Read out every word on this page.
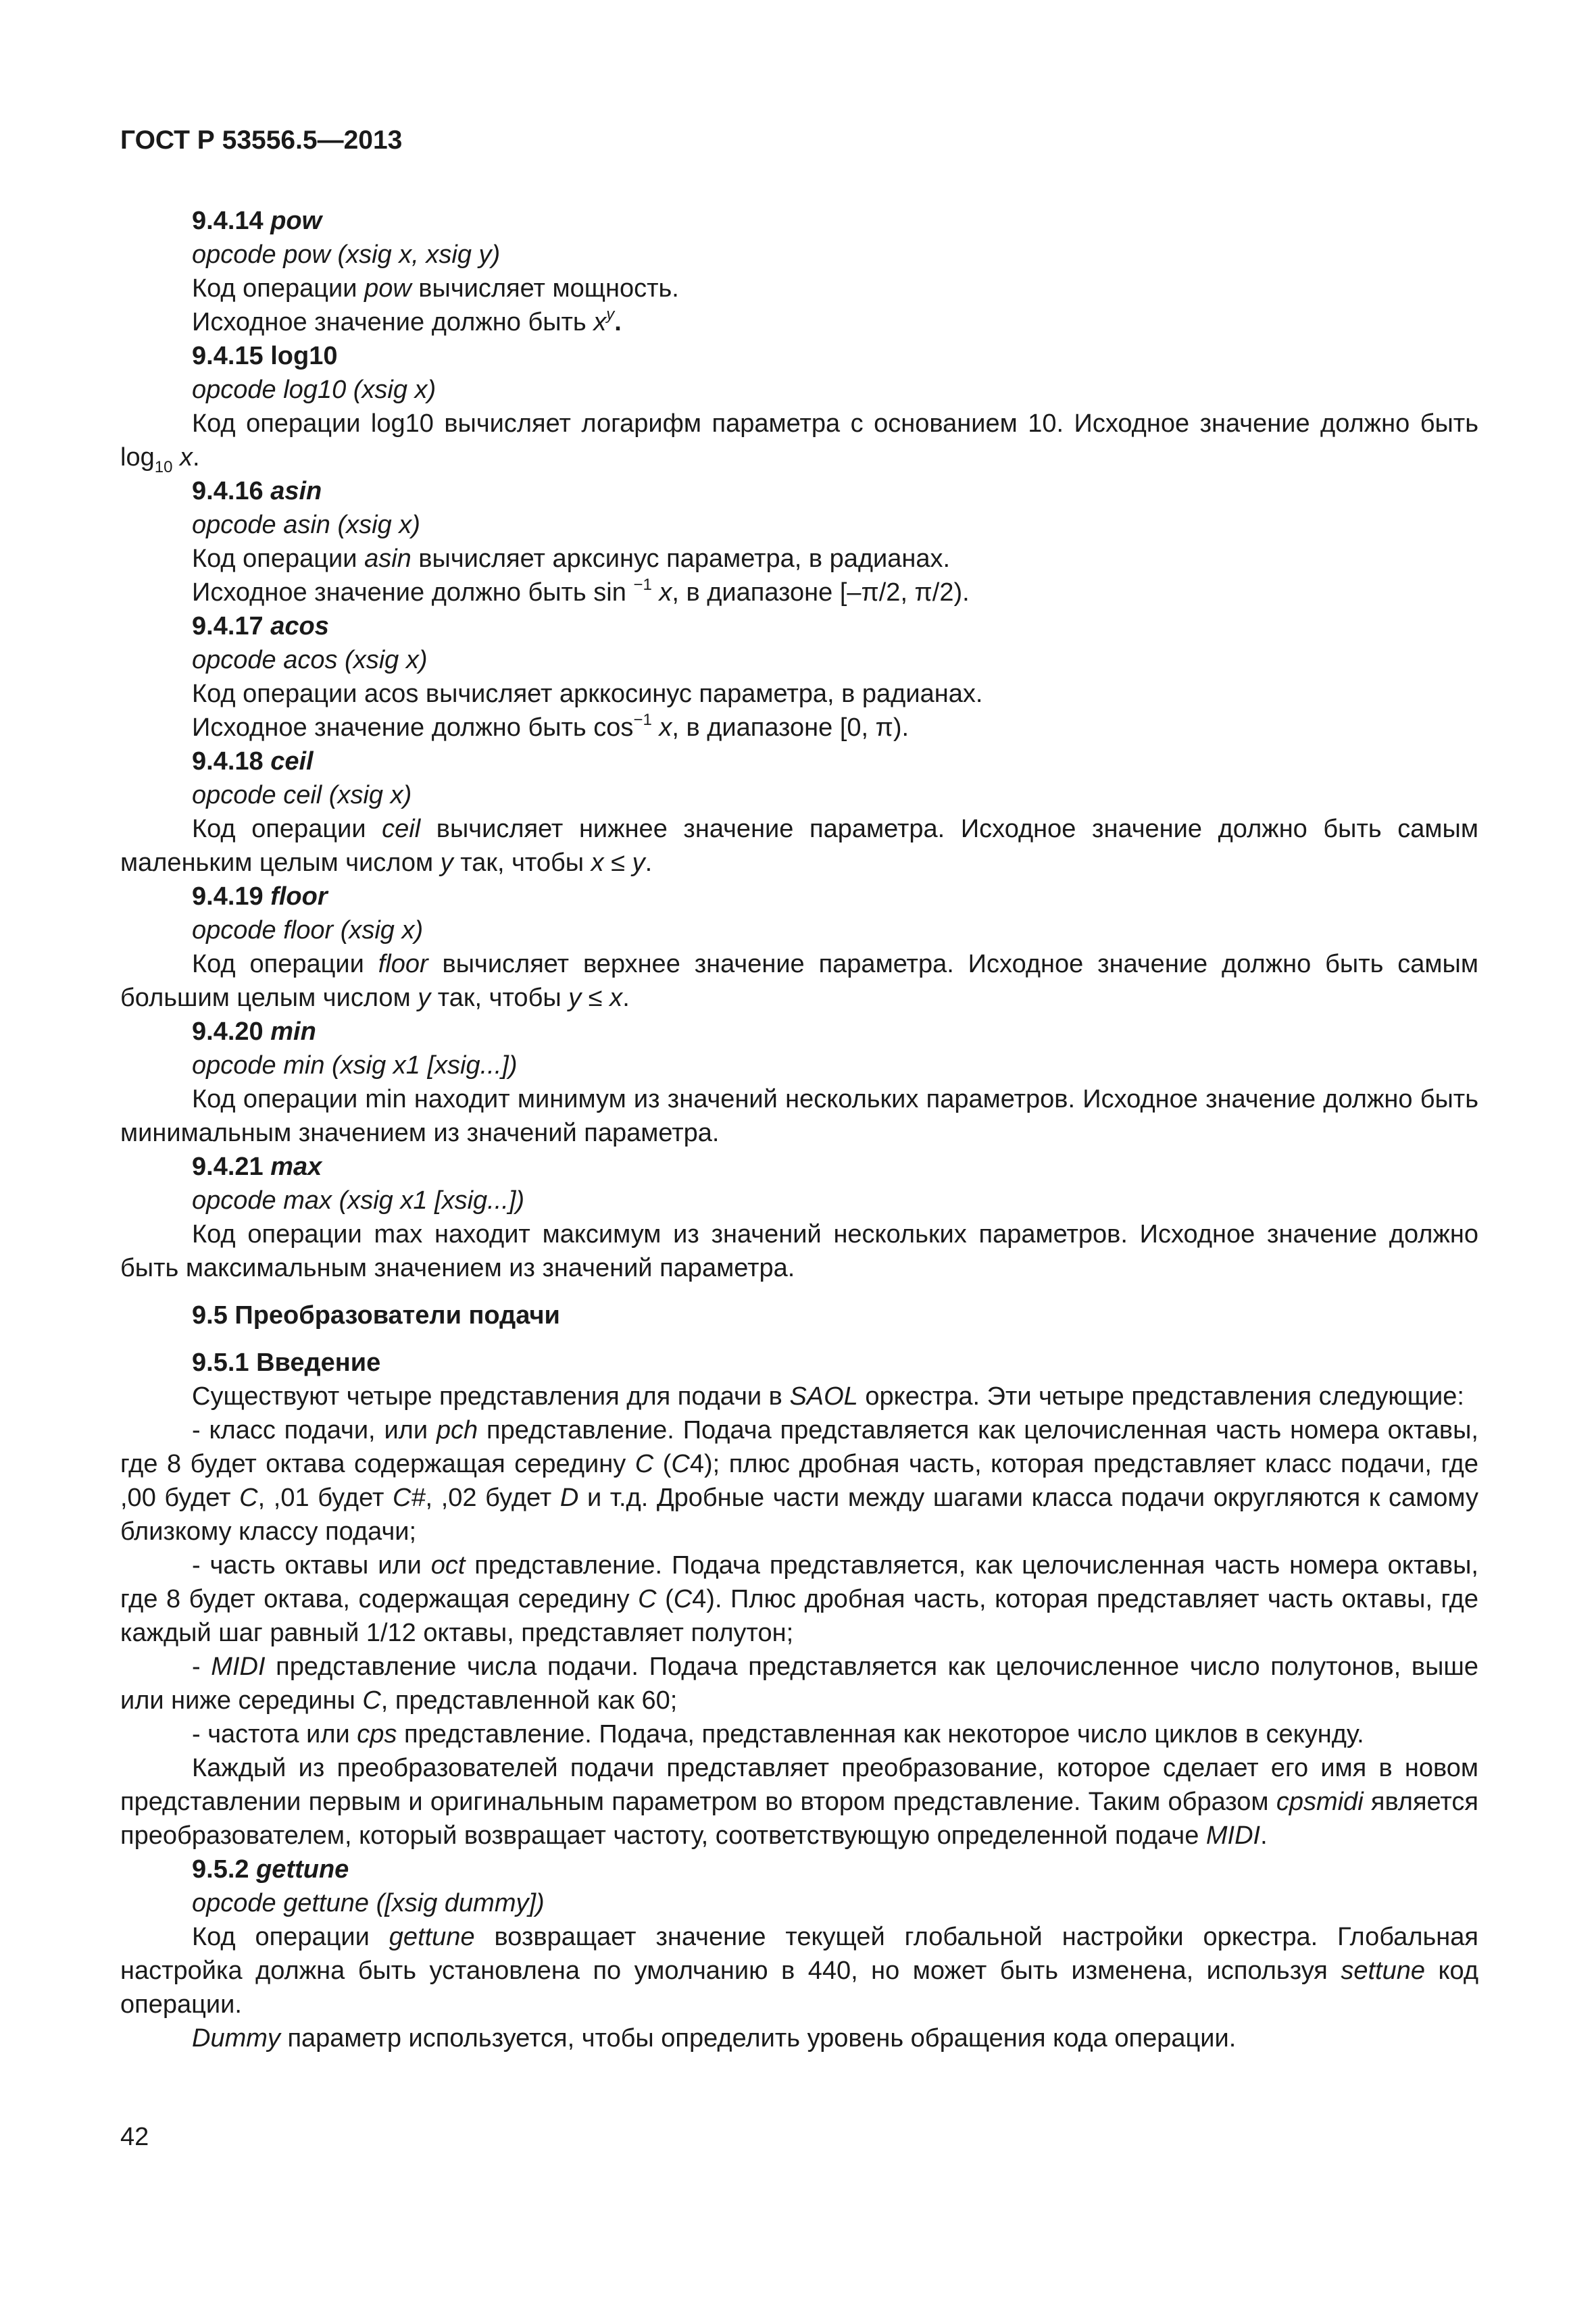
ГОСТ Р 53556.5—2013

9.4.14 pow

opcode pow (xsig x, xsig y)

Код операции pow вычисляет мощность.

Исходное значение должно быть $x^y$.

9.4.15 log10

opcode log10 (xsig x)

Код операции log10 вычисляет логарифм параметра с основанием 10. Исходное значение должно быть $\log_{10} x$.

9.4.16 asin

opcode asin (xsig x)

Код операции asin вычисляет арксинус параметра, в радианах.

Исходное значение должно быть sin $^{-1}$ x, в диапазоне [–π/2, π/2).

9.4.17 acos

opcode acos (xsig x)

Код операции acos вычисляет арккосинус параметра, в радианах.

Исходное значение должно быть $\cos^{-1} x$, в диапазоне [0, π).

9.4.18 ceil

opcode ceil (xsig x)

Код операции ceil вычисляет нижнее значение параметра. Исходное значение должно быть самым маленьким целым числом y так, чтобы x ≤ y.

9.4.19 floor

opcode floor (xsig x)

Код операции floor вычисляет верхнее значение параметра. Исходное значение должно быть самым большим целым числом y так, чтобы y ≤ x.

9.4.20 min

opcode min (xsig x1 [xsig...])

Код операции min находит минимум из значений нескольких параметров. Исходное значение должно быть минимальным значением из значений параметра.

9.4.21 max

opcode max (xsig x1 [xsig...])

Код операции max находит максимум из значений нескольких параметров. Исходное значение должно быть максимальным значением из значений параметра.

9.5 Преобразователи подачи

9.5.1 Введение

Существуют четыре представления для подачи в SAOL оркестра. Эти четыре представления следующие:

- класс подачи, или pch представление. Подача представляется как целочисленная часть номера октавы, где 8 будет октава содержащая середину C (C4); плюс дробная часть, которая представляет класс подачи, где ,00 будет C, ,01 будет C#, ,02 будет D и т.д. Дробные части между шагами класса подачи округляются к самому близкому классу подачи;

- часть октавы или oct представление. Подача представляется, как целочисленная часть номера октавы, где 8 будет октава, содержащая середину C (C4). Плюс дробная часть, которая представляет часть октавы, где каждый шаг равный 1/12 октавы, представляет полутон;

- MIDI представление числа подачи. Подача представляется как целочисленное число полутонов, выше или ниже середины C, представленной как 60;

- частота или cps представление. Подача, представленная как некоторое число циклов в секунду.

Каждый из преобразователей подачи представляет преобразование, которое сделает его имя в новом представлении первым и оригинальным параметром во втором представление. Таким образом cpsmidi является преобразователем, который возвращает частоту, соответствующую определенной подаче MIDI.

9.5.2 gettune

opcode gettune ([xsig dummy])

Код операции gettune возвращает значение текущей глобальной настройки оркестра. Глобальная настройка должна быть установлена по умолчанию в 440, но может быть изменена, используя settune код операции.

Dummy параметр используется, чтобы определить уровень обращения кода операции.

42
